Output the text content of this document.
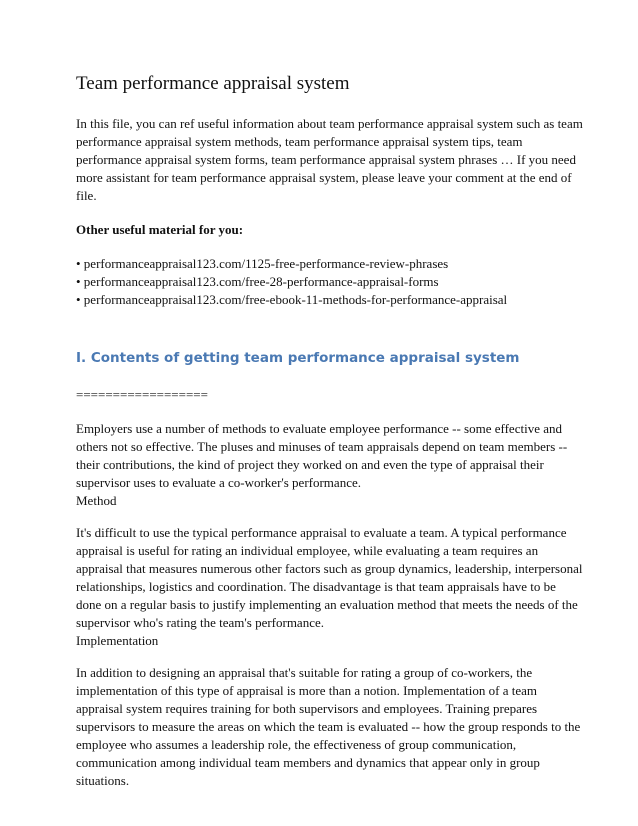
Team performance appraisal system
In this file, you can ref useful information about team performance appraisal system such as team
performance appraisal system methods, team performance appraisal system tips, team
performance appraisal system forms, team performance appraisal system phrases … If you need
more assistant for team performance appraisal system, please leave your comment at the end of
file.
Other useful material for you:
• performanceappraisal123.com/1125-free-performance-review-phrases
• performanceappraisal123.com/free-28-performance-appraisal-forms
• performanceappraisal123.com/free-ebook-11-methods-for-performance-appraisal
I. Contents of getting team performance appraisal system
==================
Employers use a number of methods to evaluate employee performance -- some effective and
others not so effective. The pluses and minuses of team appraisals depend on team members --
their contributions, the kind of project they worked on and even the type of appraisal their
supervisor uses to evaluate a co-worker's performance.
Method
It's difficult to use the typical performance appraisal to evaluate a team. A typical performance
appraisal is useful for rating an individual employee, while evaluating a team requires an
appraisal that measures numerous other factors such as group dynamics, leadership, interpersonal
relationships, logistics and coordination. The disadvantage is that team appraisals have to be
done on a regular basis to justify implementing an evaluation method that meets the needs of the
supervisor who's rating the team's performance.
Implementation
In addition to designing an appraisal that's suitable for rating a group of co-workers, the
implementation of this type of appraisal is more than a notion. Implementation of a team
appraisal system requires training for both supervisors and employees. Training prepares
supervisors to measure the areas on which the team is evaluated -- how the group responds to the
employee who assumes a leadership role, the effectiveness of group communication,
communication among individual team members and dynamics that appear only in group
situations.
